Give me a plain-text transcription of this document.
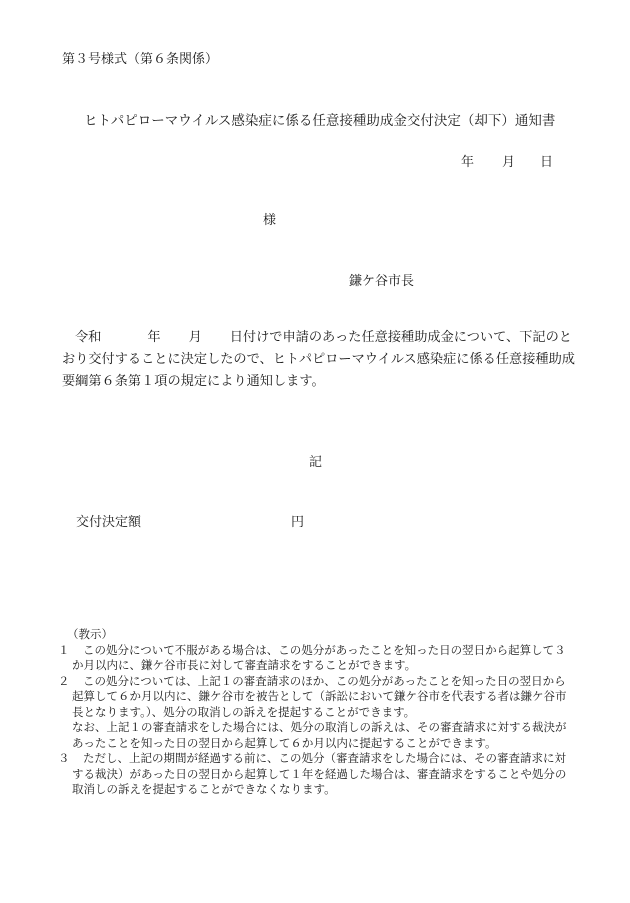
第３号様式（第６条関係）
ヒトパピローマウイルス感染症に係る任意接種助成金交付決定（却下）通知書
年 月 日
様
鎌ケ谷市長
令和	年 月 日付けで申請のあった任意接種助成金について、下記のとおり交付することに決定したので、ヒトパピローマウイルス感染症に係る任意接種助成要綱第６条第１項の規定により通知します。
記
交付決定額	円
（教示）
１	この処分について不服がある場合は、この処分があったことを知った日の翌日から起算して３か月以内に、鎌ケ谷市長に対して審査請求をすることができます。
２	この処分については、上記１の審査請求のほか、この処分があったことを知った日の翌日から起算して６か月以内に、鎌ケ谷市を被告として（訴訟において鎌ケ谷市を代表する者は鎌ケ谷市長となります。）、処分の取消しの訴えを提起することができます。
なお、上記１の審査請求をした場合には、処分の取消しの訴えは、その審査請求に対する裁決があったことを知った日の翌日から起算して６か月以内に提起することができます。
３	ただし、上記の期間が経過する前に、この処分（審査請求をした場合には、その審査請求に対する裁決）があった日の翌日から起算して１年を経過した場合は、審査請求をすることや処分の取消しの訴えを提起することができなくなります。
